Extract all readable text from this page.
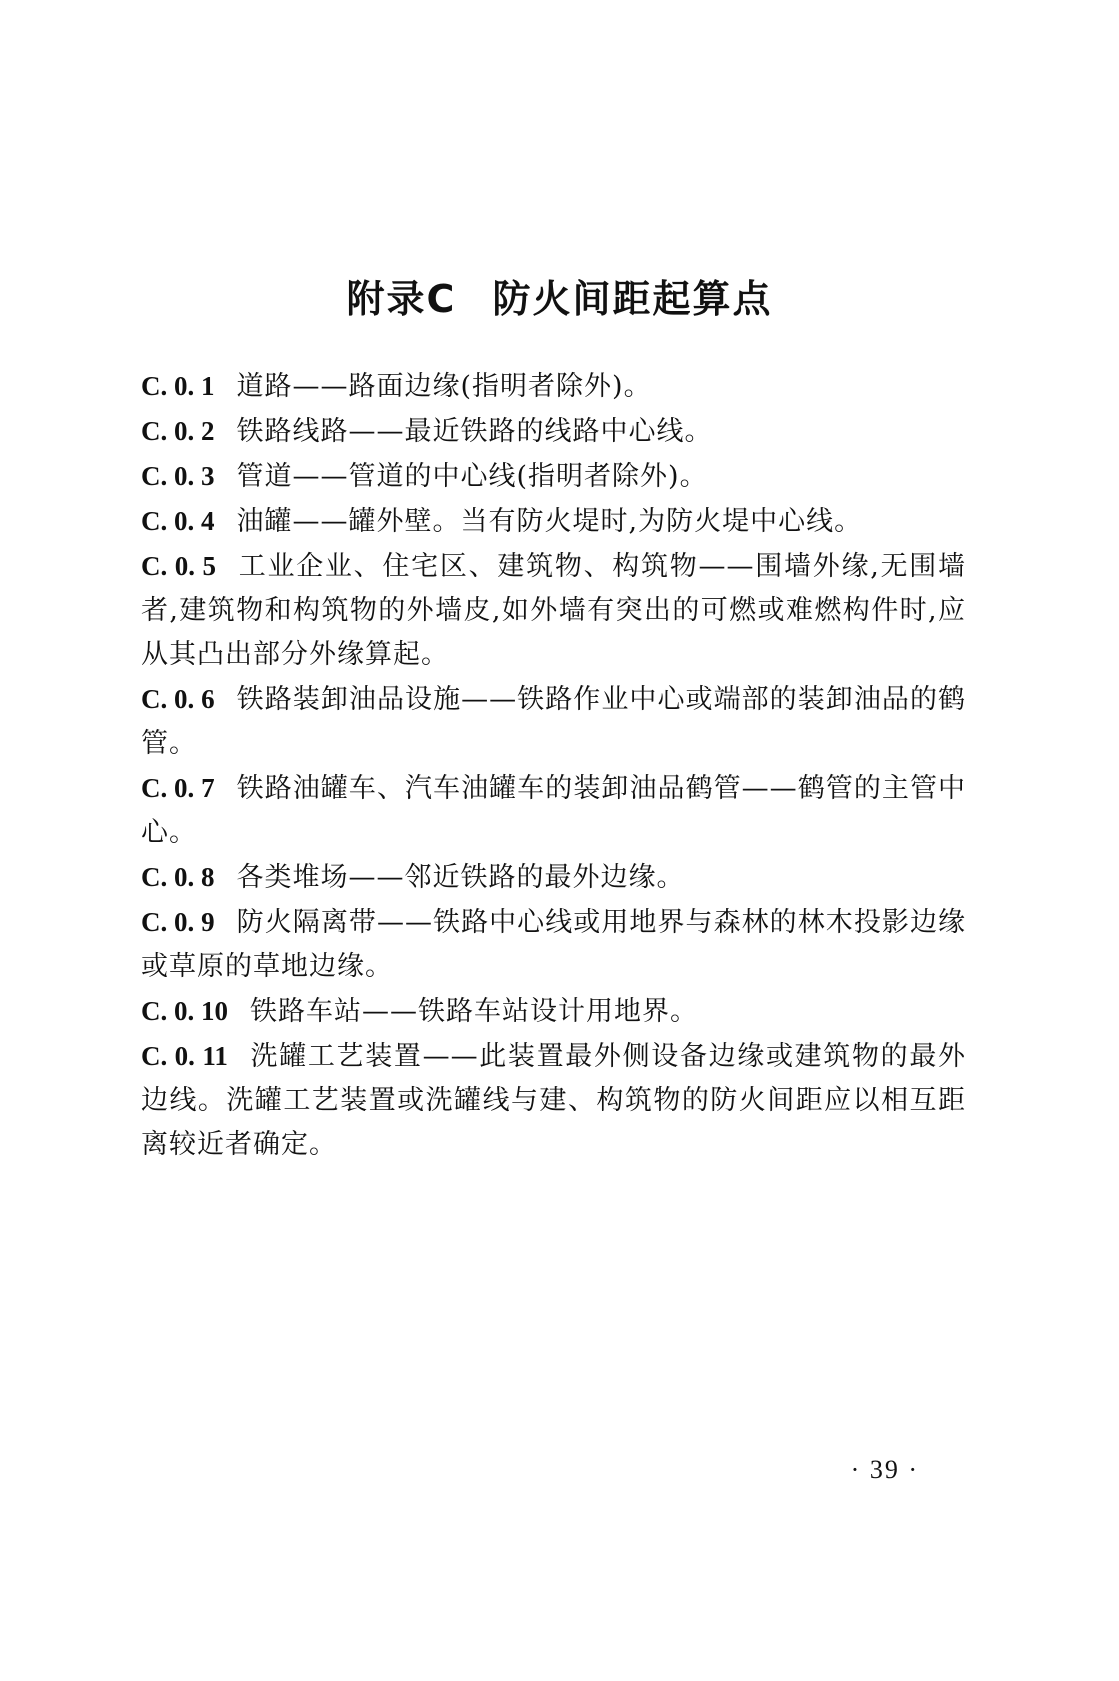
附录C 防火间距起算点

C. 0. 1 道路——路面边缘(指明者除外)。

C. 0. 2 铁路线路——最近铁路的线路中心线。

C. 0. 3 管道——管道的中心线(指明者除外)。

C. 0. 4 油罐——罐外壁。当有防火堤时,为防火堤中心线。

C. 0. 5 工业企业、住宅区、建筑物、构筑物——围墙外缘,无围墙者,建筑物和构筑物的外墙皮,如外墙有突出的可燃或难燃构件时,应从其凸出部分外缘算起。

C. 0. 6 铁路装卸油品设施——铁路作业中心或端部的装卸油品的鹤管。

C. 0. 7 铁路油罐车、汽车油罐车的装卸油品鹤管——鹤管的主管中心。

C. 0. 8 各类堆场——邻近铁路的最外边缘。

C. 0. 9 防火隔离带——铁路中心线或用地界与森林的林木投影边缘或草原的草地边缘。

C. 0. 10 铁路车站——铁路车站设计用地界。

C. 0. 11 洗罐工艺装置——此装置最外侧设备边缘或建筑物的最外边线。洗罐工艺装置或洗罐线与建、构筑物的防火间距应以相互距离较近者确定。

· 39 ·
